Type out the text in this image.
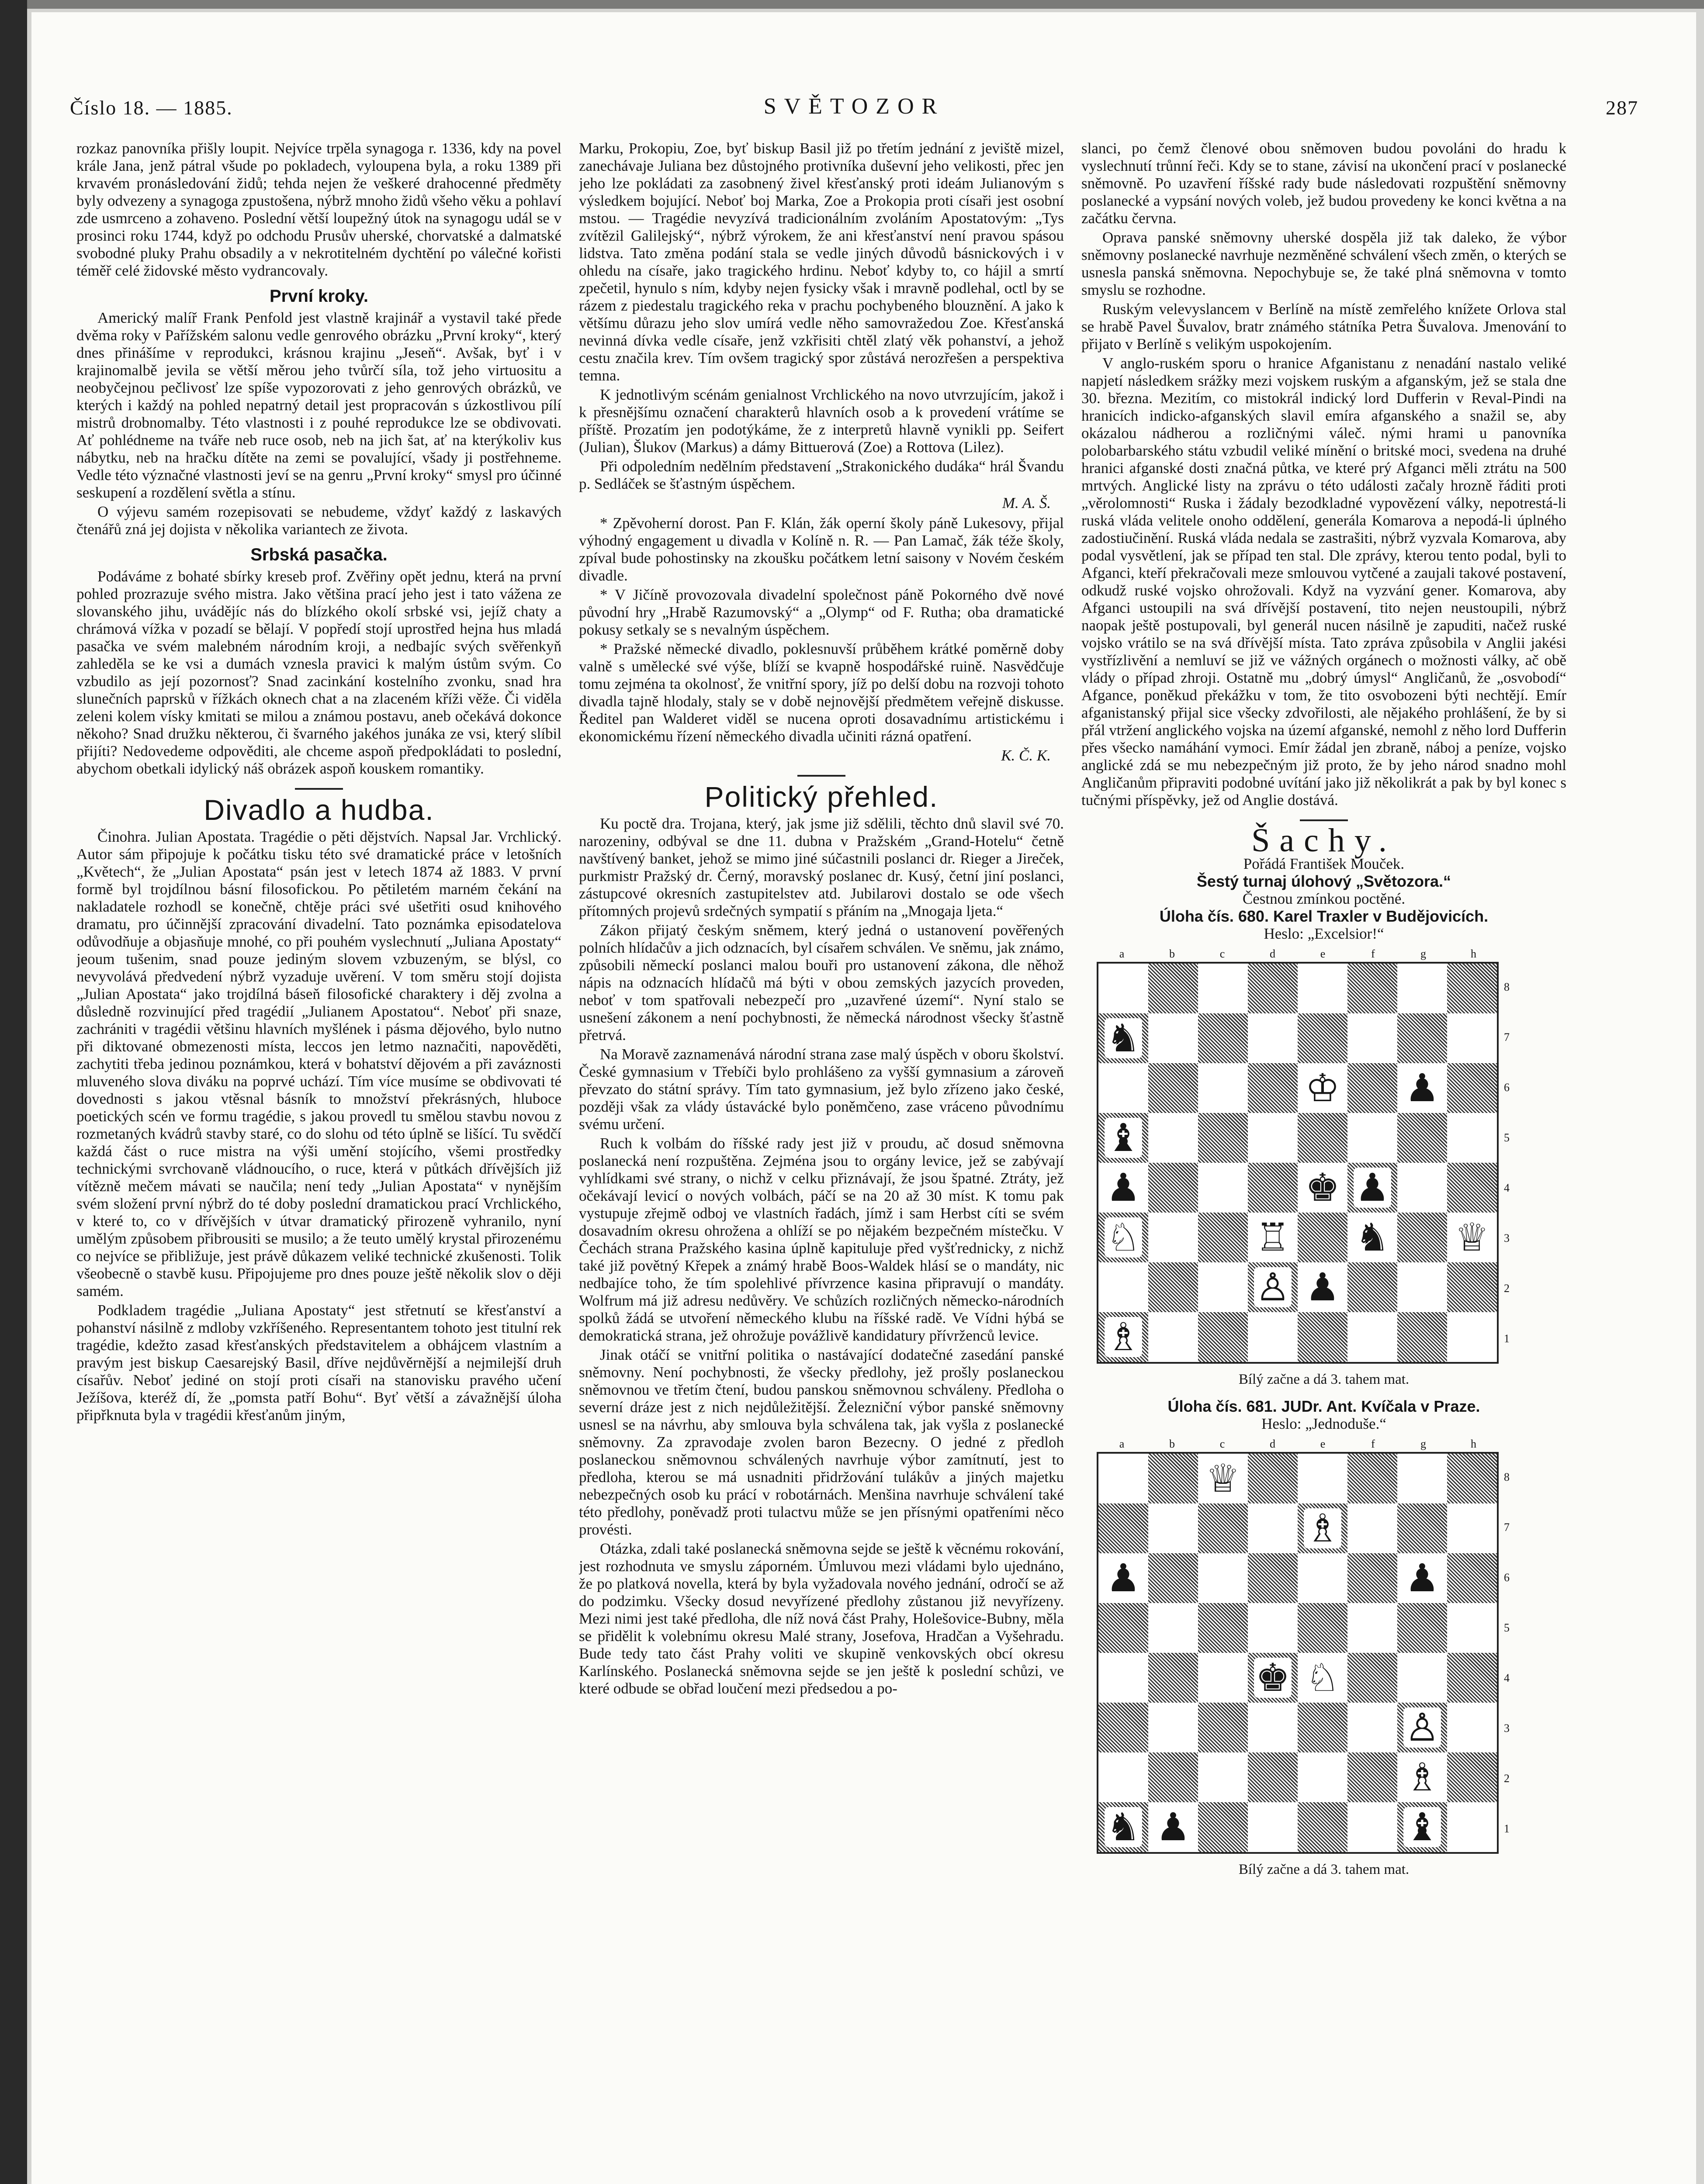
Číslo 18. — 1885.	SVĚTOZOR	287

rozkaz panovníka přišly loupit. Nejvíce trpěla synagoga r. 1336, kdy na povel krále Jana, jenž pátral všude po pokladech, vyloupena byla, a roku 1389 při krvavém pronásledování židů; tehda nejen že veškeré drahocenné předměty byly odvezeny a synagoga zpustošena, nýbrž mnoho židů všeho věku a pohlaví zde usmrceno a zohaveno. Poslední větší loupežný útok na synagogu udál se v prosinci roku 1744, když po odchodu Prusův uherské, chorvatské a dalmatské svobodné pluky Prahu obsadily a v nekrotitelném dychtění po válečné kořisti téměř celé židovské město vydrancovaly.

První kroky.

Americký malíř Frank Penfold jest vlastně krajinář a vystavil také přede dvěma roky v Pařížském salonu vedle genrového obrázku „První kroky“, který dnes přinášíme v reprodukci, krásnou krajinu „Jeseň“. Avšak, byť i v krajinomalbě jevila se větší měrou jeho tvůrčí síla, tož jeho virtuositu a neobyčejnou pečlivosť lze spíše vypozorovati z jeho genrových obrázků, ve kterých i každý na pohled nepatrný detail jest propracován s úzkostlivou pílí mistrů drobnomalby. Této vlastnosti i z pouhé reprodukce lze se obdivovati. Ať pohlédneme na tváře neb ruce osob, neb na jich šat, ať na kterýkoliv kus nábytku, neb na hračku dítěte na zemi se povalující, všady ji postřehneme. Vedle této význačné vlastnosti jeví se na genru „První kroky“ smysl pro účinné seskupení a rozdělení světla a stínu.

O výjevu samém rozepisovati se nebudeme, vždyť každý z laskavých čtenářů zná jej dojista v několika variantech ze života.

Srbská pasačka.

Podáváme z bohaté sbírky kreseb prof. Zvěřiny opět jednu, která na první pohled prozrazuje svého mistra. Jako většina prací jeho jest i tato vážena ze slovanského jihu, uvádějíc nás do blízkého okolí srbské vsi, jejíž chaty a chrámová vížka v pozadí se bělají. V popředí stojí uprostřed hejna hus mladá pasačka ve svém malebném národním kroji, a nedbajíc svých svěřenkyň zahleděla se ke vsi a dumách vznesla pravici k malým ústům svým. Co vzbudilo as její pozornosť? Snad zacinkání kostelního zvonku, snad hra slunečních paprsků v řížkách oknech chat a na zlaceném kříži věže. Či viděla zeleni kolem vísky kmitati se milou a známou postavu, aneb očekává dokonce někoho? Snad družku některou, či švarného jakéhos junáka ze vsi, který slíbil přijíti? Nedovedeme odpověditi, ale chceme aspoň předpokládati to poslední, abychom obetkali idylický náš obrázek aspoň kouskem romantiky.

Divadlo a hudba.

Činohra. Julian Apostata. Tragédie o pěti dějstvích. Napsal Jar. Vrchlický. Autor sám připojuje k počátku tisku této své dramatické práce v letošních „Květech“, že „Julian Apostata“ psán jest v letech 1874 až 1883. V první formě byl trojdílnou básní filosofickou. Po pětiletém marném čekání na nakladatele rozhodl se konečně, chtěje práci své ušetřiti osud knihového dramatu, pro účinnější zpracování divadelní. Tato poznámka episodatelova odůvodňuje a objasňuje mnohé, co při pouhém vyslechnutí „Juliana Apostaty“ jeoum tušenim, snad pouze jediným slovem vzbuzeným, se blýsl, co nevyvolává předvedení nýbrž vyzaduje uvěrení. V tom směru stojí dojista „Julian Apostata“ jako trojdílná báseň filosofické charaktery i děj zvolna a důsledně rozvinující před tragédií „Julianem Apostatou“. Neboť při snaze, zachrániti v tragédii většinu hlavních myšlének i pásma dějového, bylo nutno při diktované obmezenosti místa, leccos jen letmo naznačiti, napověděti, zachytiti třeba jedinou poznámkou, která v bohatství dějovém a při zaváznosti mluveného slova diváku na poprvé uchází. Tím více musíme se obdivovati té dovednosti s jakou vtěsnal básník to množství překrásných, hluboce poetických scén ve formu tragédie, s jakou provedl tu smělou stavbu novou z rozmetaných kvádrů stavby staré, co do slohu od této úplně se lišící. Tu svědčí každá část o ruce mistra na výši umění stojícího, všemi prostředky technickými svrchovaně vládnoucího, o ruce, která v půtkách dřívějších již vítězně mečem mávati se naučila; není tedy „Julian Apostata“ v nynějším svém složení první nýbrž do té doby poslední dramatickou prací Vrchlického, v které to, co v dřívějších v útvar dramatický přirozeně vyhranilo, nyní umělým způsobem přibrousiti se musilo; a že teuto umělý krystal přirozenému co nejvíce se přibližuje, jest právě důkazem veliké technické zkušenosti. Tolik všeobecně o stavbě kusu. Připojujeme pro dnes pouze ještě několik slov o ději samém.

Podkladem tragédie „Juliana Apostaty“ jest střetnutí se křesťanství a pohanství násilně z mdloby vzkříšeného. Representantem tohoto jest titulní rek tragédie, kdežto zasad křesťanských představitelem a obhájcem vlastním a pravým jest biskup Caesarejský Basil, dříve nejdůvěrnější a nejmilejší druh císařův. Neboť jediné on stojí proti císaři na stanovisku pravého učení Ježíšova, kteréž dí, že „pomsta patří Bohu“. Byť větší a závažnější úloha připřknuta byla v tragédii křesťanům jiným,

Marku, Prokopiu, Zoe, byť biskup Basil již po třetím jednání z jeviště mizel, zanechávaje Juliana bez důstojného protivníka duševní jeho velikosti, přec jen jeho lze pokládati za zasobnený živel křesťanský proti ideám Julianovým s výsledkem bojující. Neboť boj Marka, Zoe a Prokopia proti císaři jest osobní mstou. — Tragédie nevyzívá tradicionálním zvoláním Apostatovým: „Tys zvítězil Galilejský“, nýbrž výrokem, že ani křesťanství není pravou spásou lidstva. Tato změna podání stala se vedle jiných důvodů básnickových i v ohledu na císaře, jako tragického hrdinu. Neboť kdyby to, co hájil a smrtí zpečetil, hynulo s ním, kdyby nejen fysicky však i mravně podlehal, octl by se rázem z piedestalu tragického reka v prachu pochybeného blouznění. A jako k většímu důrazu jeho slov umírá vedle něho samovražedou Zoe. Křesťanská nevinná dívka vedle císaře, jenž vzkřisiti chtěl zlatý věk pohanství, a jehož cestu značila krev. Tím ovšem tragický spor zůstává nerozřešen a perspektiva temna.

K jednotlivým scénám genialnost Vrchlického na novo utvrzujícím, jakož i k přesnějšímu označení charakterů hlavních osob a k provedení vrátíme se příště. Prozatím jen podotýkáme, že z interpretů hlavně vynikli pp. Seifert (Julian), Šlukov (Markus) a dámy Bittuerová (Zoe) a Rottova (Lilez).

Při odpoledním nedělním představení „Strakonického dudáka“ hrál Švandu p. Sedláček se šťastným úspěchem.

M. A. Š.

* Zpěvoherní dorost. Pan F. Klán, žák operní školy páně Lukesovy, přijal výhodný engagement u divadla v Kolíně n. R. — Pan Lamač, žák téže školy, zpíval bude pohostinsky na zkoušku počátkem letní saisony v Novém českém divadle.

* V Jičíně provozovala divadelní společnost páně Pokorného dvě nové původní hry „Hrabě Razumovský“ a „Olymp“ od F. Rutha; oba dramatické pokusy setkaly se s nevalným úspěchem.

* Pražské německé divadlo, poklesnuvší průběhem krátké poměrně doby valně s umělecké své výše, blíží se kvapně hospodářské ruině. Nasvědčuje tomu zejména ta okolnosť, že vnitřní spory, jíž po delší dobu na rozvoji tohoto divadla tajně hlodaly, staly se v době nejnovější předmětem veřejně diskusse. Ředitel pan Walderet viděl se nucena oproti dosavadnímu artistickému i ekonomickému řízení německého divadla učiniti rázná opatření.

K. Č. K.
Politický přehled.

Ku poctě dra. Trojana, který, jak jsme již sdělili, těchto dnů slavil své 70. narozeniny, odbýval se dne 11. dubna v Pražském „Grand-Hotelu“ četně navštívený banket, jehož se mimo jiné súčastnili poslanci dr. Rieger a Jireček, purkmistr Pražský dr. Černý, moravský poslanec dr. Kusý, četní jiní poslanci, zástupcové okresních zastupitelstev atd. Jubilarovi dostalo se ode všech přítomných projevů srdečných sympatií s přáním na „Mnogaja ljeta.“

Zákon přijatý českým sněmem, který jedná o ustanovení pověřených polních hlídačův a jich odznacích, byl císařem schválen. Ve sněmu, jak známo, způsobili německí poslanci malou bouři pro ustanovení zákona, dle něhož nápis na odznacích hlídačů má býti v obou zemských jazycích proveden, neboť v tom spatřovali nebezpečí pro „uzavřené území“. Nyní stalo se usnešení zákonem a není pochybnosti, že německá národnost všecky šťastně přetrvá.

Na Moravě zaznamenává národní strana zase malý úspěch v oboru školství. České gymnasium v Třebíči bylo prohlášeno za vyšší gymnasium a zároveň převzato do státní správy. Tím tato gymnasium, jež bylo zřízeno jako české, později však za vlády ústavácké bylo poněmčeno, zase vráceno původnímu svému určení.

Ruch k volbám do říšské rady jest již v proudu, ač dosud sněmovna poslanecká není rozpuštěna. Zejména jsou to orgány levice, jež se zabývají vyhlídkami své strany, o nichž v celku přiznávají, že jsou špatné. Ztráty, jež očekávají levicí o nových volbách, páčí se na 20 až 30 míst. K tomu pak vystupuje zřejmě odboj ve vlastních řadách, jímž i sam Herbst cíti se svém dosavadním okresu ohrožena a ohlíží se po nějakém bezpečném místečku. V Čechách strana Pražského kasina úplně kapituluje před vyšťrednicky, z nichž také již povětný Křepek a známý hrabě Boos-Waldek hlásí se o mandáty, nic nedbajíce toho, že tím spolehlivé přívrzence kasina připravují o mandáty. Wolfrum má již adresu nedůvěry. Ve schůzích rozličných německo-národních spolků žádá se utvoření německého klubu na říšské radě. Ve Vídni hýbá se demokratická strana, jež ohrožuje povážlivě kandidatury přívrženců levice.

Jinak otáčí se vnitřní politika o nastávající dodatečné zasedání panské sněmovny. Není pochybnosti, že všecky předlohy, jež prošly poslaneckou sněmovnou ve třetím čtení, budou panskou sněmovnou schváleny. Předloha o severní dráze jest z nich nejdůležitější. Železniční výbor panské sněmovny usnesl se na návrhu, aby smlouva byla schválena tak, jak vyšla z poslanecké sněmovny. Za zpravodaje zvolen baron Bezecny. O jedné z předloh poslaneckou sněmovnou schválených navrhuje výbor zamítnutí, jest to předloha, kterou se má usnadniti přidržování tulákův a jiných majetku nebezpečných osob ku prácí v robotárnách. Menšina navrhuje schválení také této předlohy, poněvadž proti tulactvu může se jen přísnými opatřeními něco provésti.

Otázka, zdali také poslanecká sněmovna sejde se ještě k věcnému rokování, jest rozhodnuta ve smyslu záporném. Úmluvou mezi vládami bylo ujednáno, že po platková novella, která by byla vyžadovala nového jednání, odročí se až do podzimku. Všecky dosud nevyřízené předlohy zůstanou již nevyřízeny. Mezi nimi jest také předloha, dle níž nová část Prahy, Holešovice-Bubny, měla se přidělit k volebnímu okresu Malé strany, Josefova, Hradčan a Vyšehradu. Bude tedy tato část Prahy voliti ve skupině venkovských obcí okresu Karlínského. Poslanecká sněmovna sejde se jen ještě k poslední schůzi, ve které odbude se obřad loučení mezi předsedou a po-

slanci, po čemž členové obou sněmoven budou povoláni do hradu k vyslechnutí trůnní řeči. Kdy se to stane, závisí na ukončení prací v poslanecké sněmovně. Po uzavření říšské rady bude následovati rozpuštění sněmovny poslanecké a vypsání nových voleb, jež budou provedeny ke konci května a na začátku června.

Oprava panské sněmovny uherské dospěla již tak daleko, že výbor sněmovny poslanecké navrhuje nezměněné schválení všech změn, o kterých se usnesla panská sněmovna. Nepochybuje se, že také plná sněmovna v tomto smyslu se rozhodne.

Ruským velevyslancem v Berlíně na místě zemřelého knížete Orlova stal se hrabě Pavel Šuvalov, bratr známého státníka Petra Šuvalova. Jmenování to přijato v Berlíně s velikým uspokojením.

V anglo-ruském sporu o hranice Afganistanu z nenadání nastalo veliké napjetí následkem srážky mezi vojskem ruským a afganským, jež se stala dne 30. března. Mezitím, co mistokrál indický lord Dufferin v Reval-Pindi na hranicích indicko-afganských slavil emíra afganského a snažil se, aby okázalou nádherou a rozličnými váleč. nými hrami u panovníka polobarbarského státu vzbudil veliké mínění o britské moci, svedena na druhé hranici afganské dosti značná půtka, ve které prý Afganci měli ztrátu na 500 mrtvých. Anglické listy na zprávu o této události začaly hrozně řáditi proti „věrolomnosti“ Ruska i žádaly bezodkladné vypovězení války, nepotrestá-li ruská vláda velitele onoho oddělení, generála Komarova a nepodá-li úplného zadostiučinění. Ruská vláda nedala se zastrašiti, nýbrž vyzvala Komarova, aby podal vysvětlení, jak se případ ten stal. Dle zprávy, kterou tento podal, byli to Afganci, kteří překračovali meze smlouvou vytčené a zaujali takové postavení, odkudž ruské vojsko ohrožovali. Když na vyzvání gener. Komarova, aby Afganci ustoupili na svá dřívější postavení, tito nejen neustoupili, nýbrž naopak ještě postupovali, byl generál nucen násilně je zapuditi, načež ruské vojsko vrátilo se na svá dřívější místa. Tato zpráva způsobila v Anglii jakési vystřízlivění a nemluví se již ve vážných orgánech o možnosti války, ač obě vlády o případ zhroji. Ostatně mu „dobrý úmysl“ Angličanů, že „osvobodí“ Afgance, poněkud překážku v tom, že tito osvobozeni býti nechtějí. Emír afganistanský přijal sice všecky zdvořilosti, ale nějakého prohlášení, že by si přál vtržení anglického vojska na území afganské, nemohl z něho lord Dufferin přes všecko namáhání vymoci. Emír žádal jen zbraně, náboj a peníze, vojsko anglické zdá se mu nebezpečným již proto, že by jeho národ snadno mohl Angličanům připraviti podobné uvítání jako již několikrát a pak by byl konec s tučnými příspěvky, jež od Anglie dostává.

Šachy.
Pořádá František Mouček.
Šestý turnaj úlohový „Světozora.“
Čestnou zmínkou poctěné.
Úloha čís. 680. Karel Traxler v Budějovicích.
Heslo: „Excelsior!“
a	b	c	d	e	f	g	h
8
7
6
5
4
3
2
1
♞
♔ ♟
♝
♟	♚ ♟
♘	♖ ♞ ♕
♙ ♟
♗
Bílý začne a dá 3. tahem mat.
Úloha čís. 681. JUDr. Ant. Kvíčala v Praze.
Heslo: „Jednoduše.“
a	b	c	d	e	f	g	h
8
7
6
5
4
3
2
1
♕
♗
♟	♟
♚ ♘
♙
♗
♞ ♟	♝
Bílý začne a dá 3. tahem mat.
